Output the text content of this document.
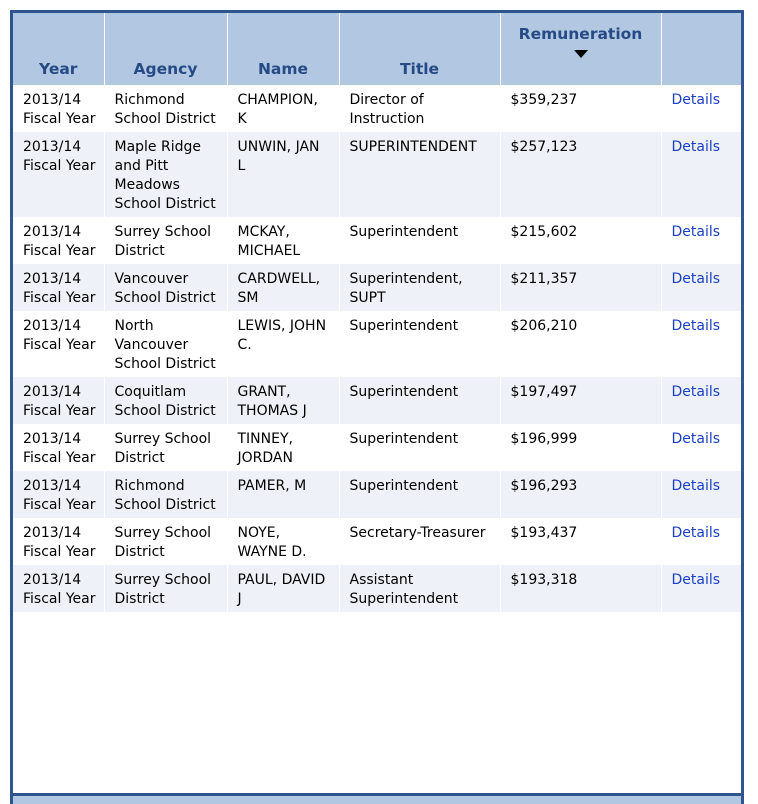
Year	Agency	Name	Title	Remuneration

2013/14 Fiscal Year	Richmond School District	CHAMPION, K	Director of Instruction	$359,237	Details
2013/14 Fiscal Year	Maple Ridge and Pitt Meadows School District	UNWIN, JAN L	SUPERINTENDENT	$257,123	Details
2013/14 Fiscal Year	Surrey School District	MCKAY, MICHAEL	Superintendent	$215,602	Details
2013/14 Fiscal Year	Vancouver School District	CARDWELL, SM	Superintendent, SUPT	$211,357	Details
2013/14 Fiscal Year	North Vancouver School District	LEWIS, JOHN C.	Superintendent	$206,210	Details
2013/14 Fiscal Year	Coquitlam School District	GRANT, THOMAS J	Superintendent	$197,497	Details
2013/14 Fiscal Year	Surrey School District	TINNEY, JORDAN	Superintendent	$196,999	Details
2013/14 Fiscal Year	Richmond School District	PAMER, M	Superintendent	$196,293	Details
2013/14 Fiscal Year	Surrey School District	NOYE, WAYNE D.	Secretary-Treasurer	$193,437	Details
2013/14 Fiscal Year	Surrey School District	PAUL, DAVID J	Assistant Superintendent	$193,318	Details
